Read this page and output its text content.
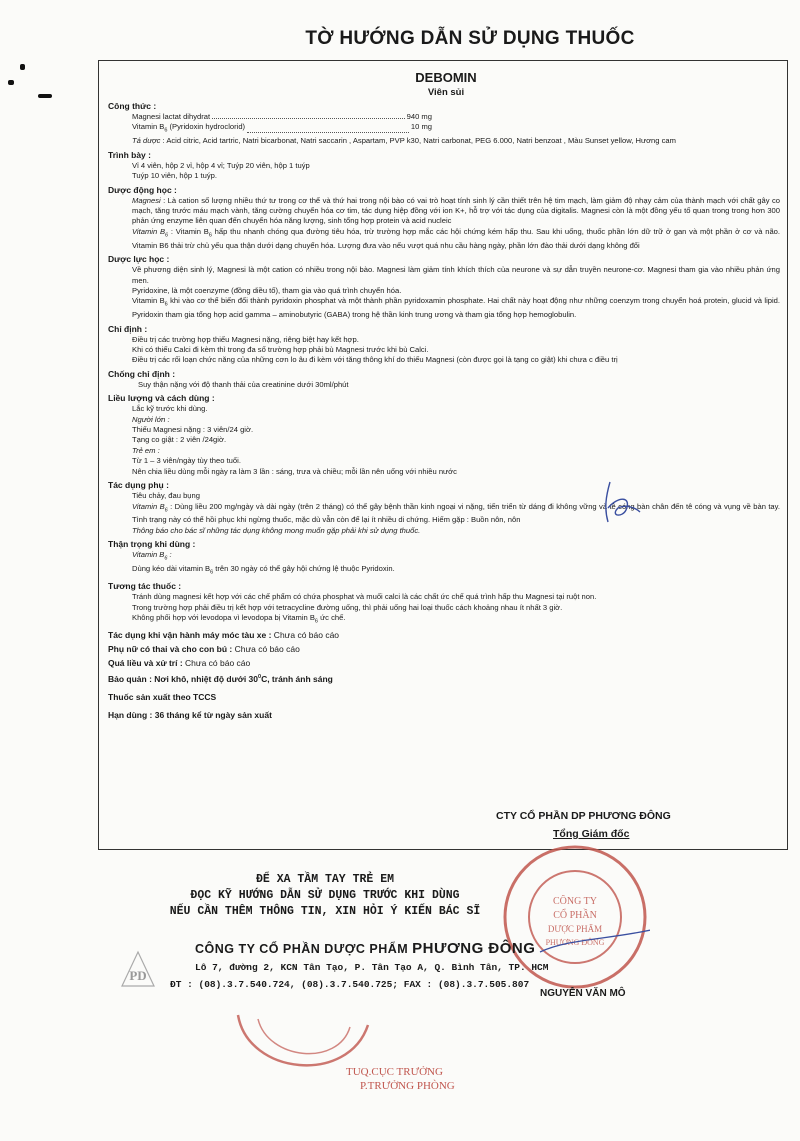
TỜ HƯỚNG DẪN SỬ DỤNG THUỐC
DEBOMIN
Viên sủi
Công thức :
Magnesi lactat dihydrat	940 mg
Vitamin $B_6$ (Pyridoxin hydroclorid)	10 mg
Tá dược : Acid citric, Acid tartric, Natri bicarbonat, Natri saccarin , Aspartam, PVP k30, Natri carbonat, PEG 6.000, Natri benzoat , Màu Sunset yellow, Hương cam
Trình bày :
Vỉ 4 viên, hộp 2 vỉ, hộp 4 vỉ; Tuýp 20 viên, hộp 1 tuýp
Tuýp 10 viên, hộp 1 tuýp.
Dược động học :
Magnesi : Là cation số lượng nhiều thứ tư trong cơ thể và thứ hai trong nội bào có vai trò hoạt tính sinh lý cần thiết trên hệ tim mạch, làm giảm độ nhạy cảm của thành mạch với chất gây co mạch, tăng trước máu mạch vành, tăng cường chuyển hóa cơ tim, tác dụng hiệp đồng với ion K+, hỗ trợ với tác dụng của digitalis. Magnesi còn là một đồng yếu tố quan trong trong hơn 300 phản ứng enzyme liên quan đến chuyển hóa năng lượng, sinh tổng hợp protein và acid nucleic
Vitamin $B_6$ : Vitamin $B_6$ hấp thu nhanh chóng qua đường tiêu hóa, trừ trường hợp mắc các hội chứng kém hấp thu. Sau khi uống, thuốc phần lớn dữ trữ ở gan và một phần ở cơ và não. Vitamin B6 thải trừ chủ yếu qua thận dưới dạng chuyển hóa. Lượng đưa vào nếu vượt quá nhu cầu hàng ngày, phần lớn đào thải dưới dạng không đổi
Dược lực học :
Về phương diện sinh lý, Magnesi là một cation có nhiều trong nội bào. Magnesi làm giảm tính khích thích của neurone và sự dẫn truyền neurone-cơ. Magnesi tham gia vào nhiều phản ứng men.
Pyridoxine, là một coenzyme (đồng diều tố), tham gia vào quá trình chuyển hóa.
Vitamin $B_6$ khi vào cơ thể biến đổi thành pyridoxin phosphat và một thành phần pyridoxamin phosphate. Hai chất này hoạt động như những coenzym trong chuyển hoá protein, glucid và lipid. Pyridoxin tham gia tổng hợp acid gamma – aminobutyric (GABA) trong hệ thần kinh trung ương và tham gia tổng hợp hemoglobulin.
Chỉ định :
Điều trị các trường hợp thiếu Magnesi nặng, riêng biệt hay kết hợp.
Khi có thiếu Calci đi kèm thì trong đa số trường hợp phải bù Magnesi trước khi bù Calci.
Điều trị các rối loạn chức năng của những cơn lo âu đi kèm với tăng thông khí do thiếu Magnesi (còn được gọi là tạng co giật) khi chưa c điều trị
Chống chỉ định :
Suy thận nặng với độ thanh thải của creatinine dưới 30ml/phút
Liều lượng và cách dùng :
Lắc kỹ trước khi dùng.
Người lớn :
Thiếu Magnesi nặng : 3 viên/24 giờ.
Tạng co giật : 2 viên /24giờ.
Trẻ em :
Từ 1 – 3 viên/ngày tùy theo tuổi.
Nên chia liều dùng mỗi ngày ra làm 3 lần : sáng, trưa và chiều; mỗi lần nên uống với nhiều nước
Tác dụng phụ :
Tiêu chảy, đau bụng
Vitamin $B_6$ : Dùng liều 200 mg/ngày và dài ngày (trên 2 tháng) có thể gây bệnh thần kinh ngoại vi nặng, tiến triển từ dáng đi không vững và tê cóng bàn chân đến tê cóng và vụng về bàn tay. Tình trạng này có thể hồi phục khi ngừng thuốc, mặc dù vẫn còn để lại ít nhiều di chứng. Hiếm gặp : Buồn nôn, nôn
Thông báo cho bác sĩ những tác dụng không mong muốn gặp phải khi sử dụng thuốc.
Thận trọng khi dùng :
Vitamin $B_6$ :
Dùng kéo dài vitamin $B_6$ trên 30 ngày có thể gây hội chứng lệ thuộc Pyridoxin.
Tương tác thuốc :
Tránh dùng magnesi kết hợp với các chế phẩm có chứa phosphat và muối calci là các chất ức chế quá trình hấp thu Magnesi tại ruột non.
Trong trường hợp phải điều trị kết hợp với tetracycline đường uống, thì phải uống hai loại thuốc cách khoảng nhau ít nhất 3 giờ.
Không phối hợp với levodopa vì levodopa bị Vitamin $B_6$ ức chế.
Tác dụng khi vận hành máy móc tàu xe : Chưa có báo cáo
Phụ nữ có thai và cho con bú : Chưa có báo cáo
Quá liều và xử trí : Chưa có báo cáo
Bảo quản : Nơi khô, nhiệt độ dưới $30^0C$, tránh ánh sáng
Thuốc sản xuất theo TCCS
Hạn dùng : 36 tháng kể từ ngày sản xuất
CTY CỔ PHẦN DP PHƯƠNG ĐÔNG
Tổng Giám đốc
CÔNG TY
CỔ PHẦN
DƯỢC PHẨM
PHƯƠNG ĐÔNG
NGUYỄN VĂN MÔ
ĐỂ XA TẦM TAY TRẺ EM
ĐỌC KỸ HƯỚNG DẪN SỬ DỤNG TRƯỚC KHI DÙNG
NẾU CẦN THÊM THÔNG TIN, XIN HỎI Ý KIẾN BÁC SĨ
PD
CÔNG TY CỔ PHẦN DƯỢC PHẨM PHƯƠNG ĐÔNG
Lô 7, đường 2, KCN Tân Tạo, P. Tân Tạo A, Q. Bình Tân, TP. HCM
ĐT : (08).3.7.540.724, (08).3.7.540.725; FAX : (08).3.7.505.807
TUQ.CỤC TRƯỞNG
P.TRƯỞNG PHÒNG
